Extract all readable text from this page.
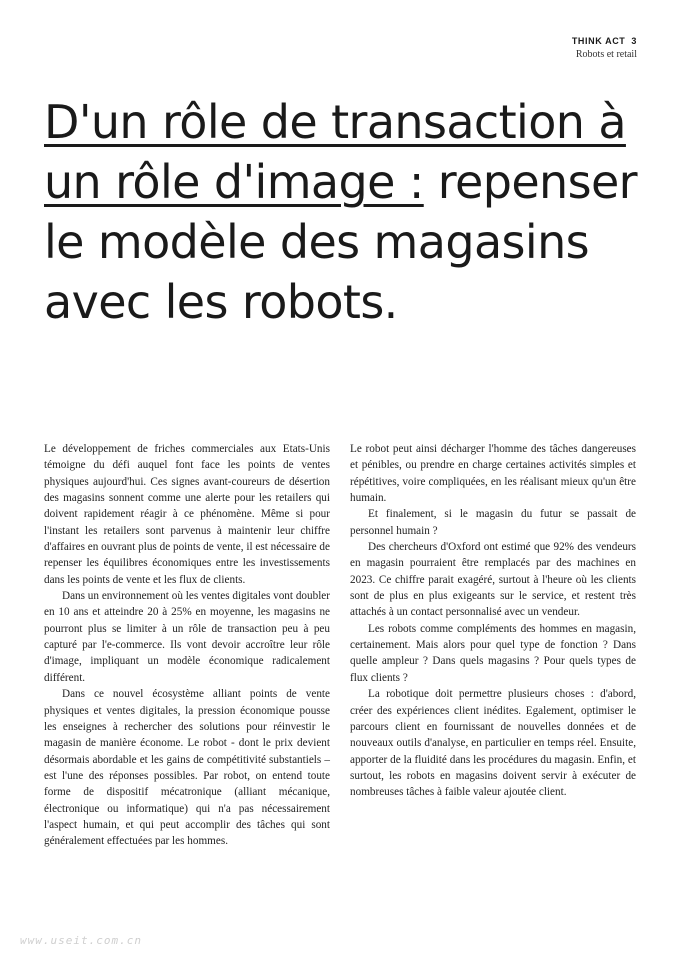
THINK ACT 3
Robots et retail
D'un rôle de transaction à
un rôle d'image : repenser le modèle des magasins avec les robots.

Le développement de friches commerciales aux Etats-Unis témoigne du défi auquel font face les points de ventes physiques aujourd'hui. Ces signes avant-coureurs de désertion des magasins sonnent comme une alerte pour les retailers qui doivent rapidement réagir à ce phénomène. Même si pour l'instant les retailers sont parvenus à maintenir leur chiffre d'affaires en ouvrant plus de points de vente, il est nécessaire de repenser les équilibres économiques entre les investissements dans les points de vente et les flux de clients.

Dans un environnement où les ventes digitales vont doubler en 10 ans et atteindre 20 à 25% en moyenne, les magasins ne pourront plus se limiter à un rôle de transaction peu à peu capturé par l'e-commerce. Ils vont devoir accroître leur rôle d'image, impliquant un modèle économique radicalement différent.

Dans ce nouvel écosystème alliant points de vente physiques et ventes digitales, la pression économique pousse les enseignes à rechercher des solutions pour réinvestir le magasin de manière économe. Le robot - dont le prix devient désormais abordable et les gains de compétitivité substantiels – est l'une des réponses possibles. Par robot, on entend toute forme de dispositif mécatronique (alliant mécanique, électronique ou informatique) qui n'a pas nécessairement l'aspect humain, et qui peut accomplir des tâches qui sont généralement effectuées par les hommes.

Le robot peut ainsi décharger l'homme des tâches dangereuses et pénibles, ou prendre en charge certaines activités simples et répétitives, voire compliquées, en les réalisant mieux qu'un être humain.

Et finalement, si le magasin du futur se passait de personnel humain ?

Des chercheurs d'Oxford ont estimé que 92% des vendeurs en magasin pourraient être remplacés par des machines en 2023. Ce chiffre parait exagéré, surtout à l'heure où les clients sont de plus en plus exigeants sur le service, et restent très attachés à un contact personnalisé avec un vendeur.

Les robots comme compléments des hommes en magasin, certainement. Mais alors pour quel type de fonction ? Dans quelle ampleur ? Dans quels magasins ? Pour quels types de flux clients ?

La robotique doit permettre plusieurs choses : d'abord, créer des expériences client inédites. Egalement, optimiser le parcours client en fournissant de nouvelles données et de nouveaux outils d'analyse, en particulier en temps réel. Ensuite, apporter de la fluidité dans les procédures du magasin. Enfin, et surtout, les robots en magasins doivent servir à exécuter de nombreuses tâches à faible valeur ajoutée client.

www.useit.com.cn
